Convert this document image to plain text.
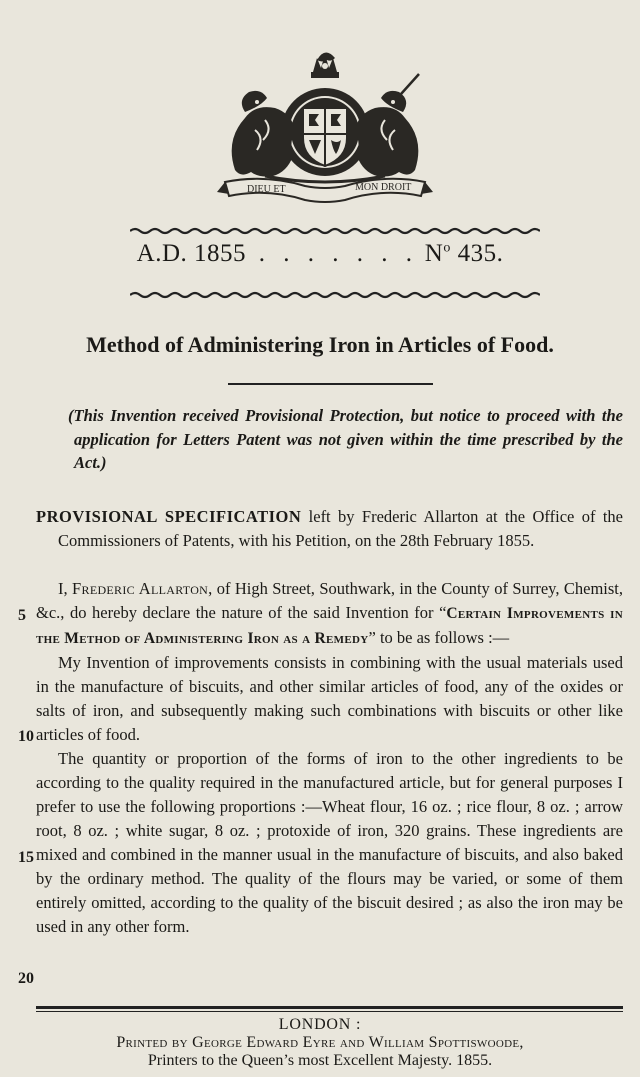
DIEU ET	MON DROIT
A.D. 1855 . . . . . . . $N^o$ 435.
Method of Administering Iron in Articles of Food.

(This Invention received Provisional Protection, but notice to proceed with the application for Letters Patent was not given within the time prescribed by the Act.)

PROVISIONAL SPECIFICATION left by Frederic Allarton at the Office of the Commissioners of Patents, with his Petition, on the 28th February 1855.

I, Frederic Allarton, of High Street, Southwark, in the County of Surrey, Chemist, &c., do hereby declare the nature of the said Invention for “Certain Improvements in the Method of Administering Iron as a Remedy” to be as follows :—

My Invention of improvements consists in combining with the usual materials used in the manufacture of biscuits, and other similar articles of food, any of the oxides or salts of iron, and subsequently making such combinations with biscuits or other like articles of food.

The quantity or proportion of the forms of iron to the other ingredients to be according to the quality required in the manufactured article, but for general purposes I prefer to use the following proportions :—Wheat flour, 16 oz. ; rice flour, 8 oz. ; arrow root, 8 oz. ; white sugar, 8 oz. ; protoxide of iron, 320 grains. These ingredients are mixed and combined in the manner usual in the manufacture of biscuits, and also baked by the ordinary method. The quality of the flours may be varied, or some of them entirely omitted, according to the quality of the biscuit desired ; as also the iron may be used in any other form.

5
10
15
20
LONDON :
Printed by George Edward Eyre and William Spottiswoode,
Printers to the Queen’s most Excellent Majesty. 1855.
